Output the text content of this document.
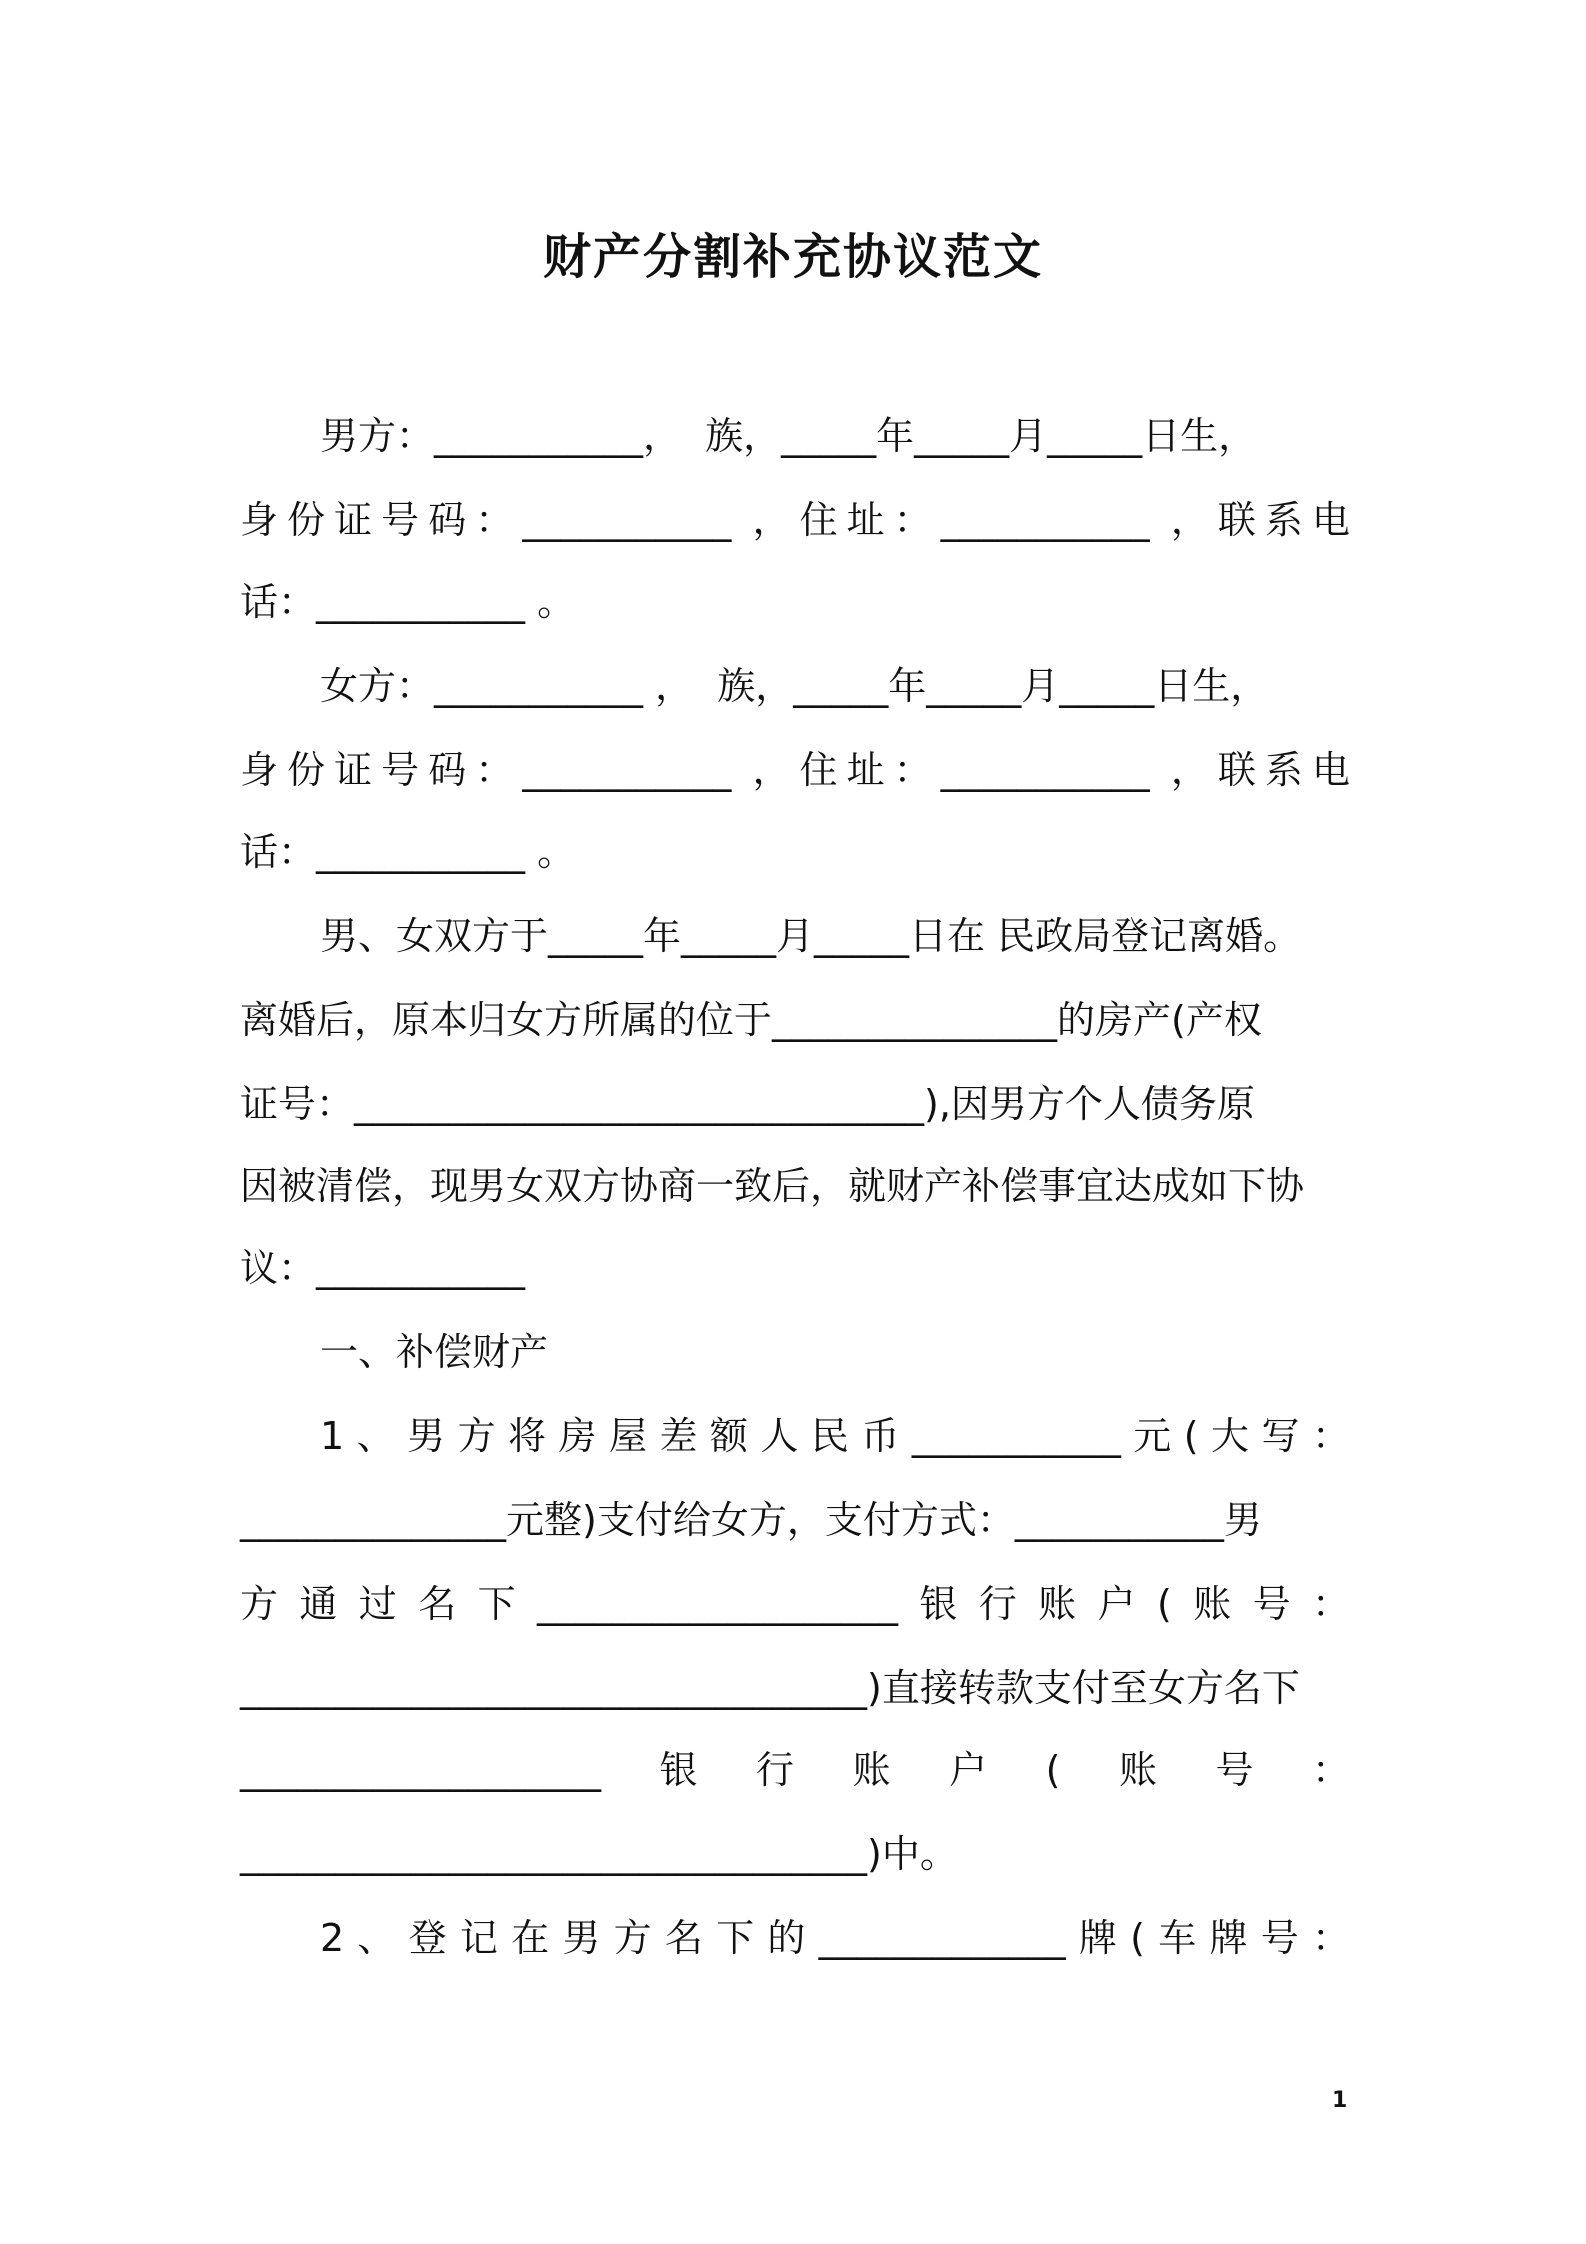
财产分割补充协议范文
男方：___________，  族，_____年_____月_____日生，
身份证号码：___________ ，住址：___________ ，联系电
话：___________ 。
女方：___________ ，  族，_____年_____月_____日生，
身份证号码：___________ ，住址：___________ ，联系电
话：___________ 。
男、女双方于_____年_____月_____日在 民政局登记离婚。
离婚后，原本归女方所属的位于_______________的房产(产权
证号：______________________________),因男方个人债务原
因被清偿，现男女双方协商一致后，就财产补偿事宜达成如下协
议：___________
一、补偿财产
1、男方将房屋差额人民币___________元(大写：
______________元整)支付给女方，支付方式：___________男
方通过名下___________________银行账户(账号：
_________________________________)直接转款支付至女方名下
___________________银行账户(账号：
_________________________________)中。
2、登记在男方名下的_____________牌(车牌号：
1
